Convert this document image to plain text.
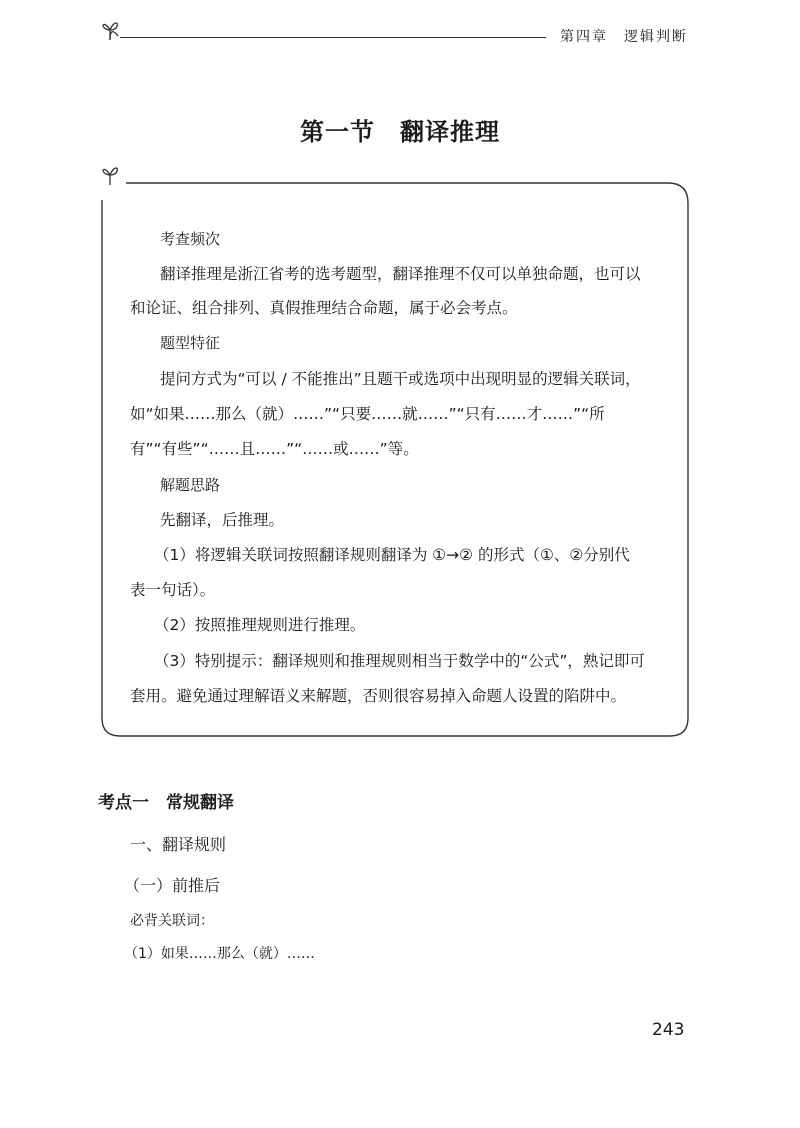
第四章　逻辑判断
第一节　翻译推理
考查频次
翻译推理是浙江省考的选考题型，翻译推理不仅可以单独命题，也可以
和论证、组合排列、真假推理结合命题，属于必会考点。
题型特征
提问方式为“可以 / 不能推出”且题干或选项中出现明显的逻辑关联词，
如“如果……那么（就）……”“只要……就……”“只有……才……”“所
有”“有些”“……且……”“……或……”等。
解题思路
先翻译，后推理。
（1）将逻辑关联词按照翻译规则翻译为 ①→② 的形式（①、②分别代
表一句话）。
（2）按照推理规则进行推理。
（3）特别提示：翻译规则和推理规则相当于数学中的“公式”，熟记即可
套用。避免通过理解语义来解题，否则很容易掉入命题人设置的陷阱中。
考点一　常规翻译
一、翻译规则
（一）前推后
必背关联词：
（1）如果……那么（就）……
243
